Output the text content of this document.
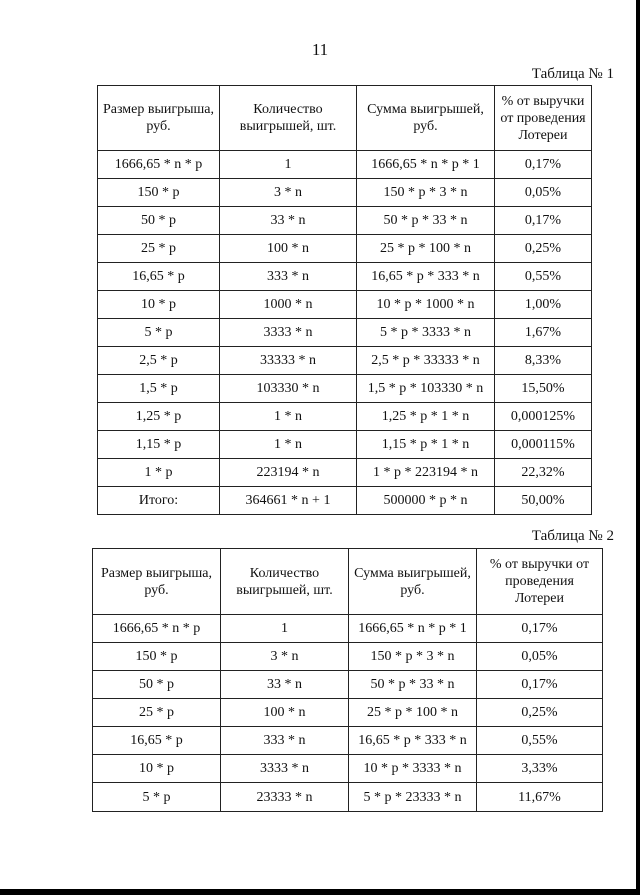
11
Таблица № 1
Размер выигрыша, руб.	Количество выигрышей, шт.	Сумма выигрышей, руб.	% от выручки от проведения Лотереи
1666,65 * n * p	1	1666,65 * n * p * 1	0,17%
150 * p	3 * n	150 * p * 3 * n	0,05%
50 * p	33 * n	50 * p * 33 * n	0,17%
25 * p	100 * n	25 * p * 100 * n	0,25%
16,65 * p	333 * n	16,65 * p * 333 * n	0,55%
10 * p	1000 * n	10 * p * 1000 * n	1,00%
5 * p	3333 * n	5 * p * 3333 * n	1,67%
2,5 * p	33333 * n	2,5 * p * 33333 * n	8,33%
1,5 * p	103330 * n	1,5 * p * 103330 * n	15,50%
1,25 * p	1 * n	1,25 * p * 1 * n	0,000125%
1,15 * p	1 * n	1,15 * p * 1 * n	0,000115%
1 * p	223194 * n	1 * p * 223194 * n	22,32%
Итого:	364661 * n + 1	500000 * p * n	50,00%
Таблица № 2
Размер выигрыша, руб.	Количество выигрышей, шт.	Сумма выигрышей, руб.	% от выручки от проведения Лотереи
1666,65 * n * p	1	1666,65 * n * p * 1	0,17%
150 * p	3 * n	150 * p * 3 * n	0,05%
50 * p	33 * n	50 * p * 33 * n	0,17%
25 * p	100 * n	25 * p * 100 * n	0,25%
16,65 * p	333 * n	16,65 * p * 333 * n	0,55%
10 * p	3333 * n	10 * p * 3333 * n	3,33%
5 * p	23333 * n	5 * p * 23333 * n	11,67%
